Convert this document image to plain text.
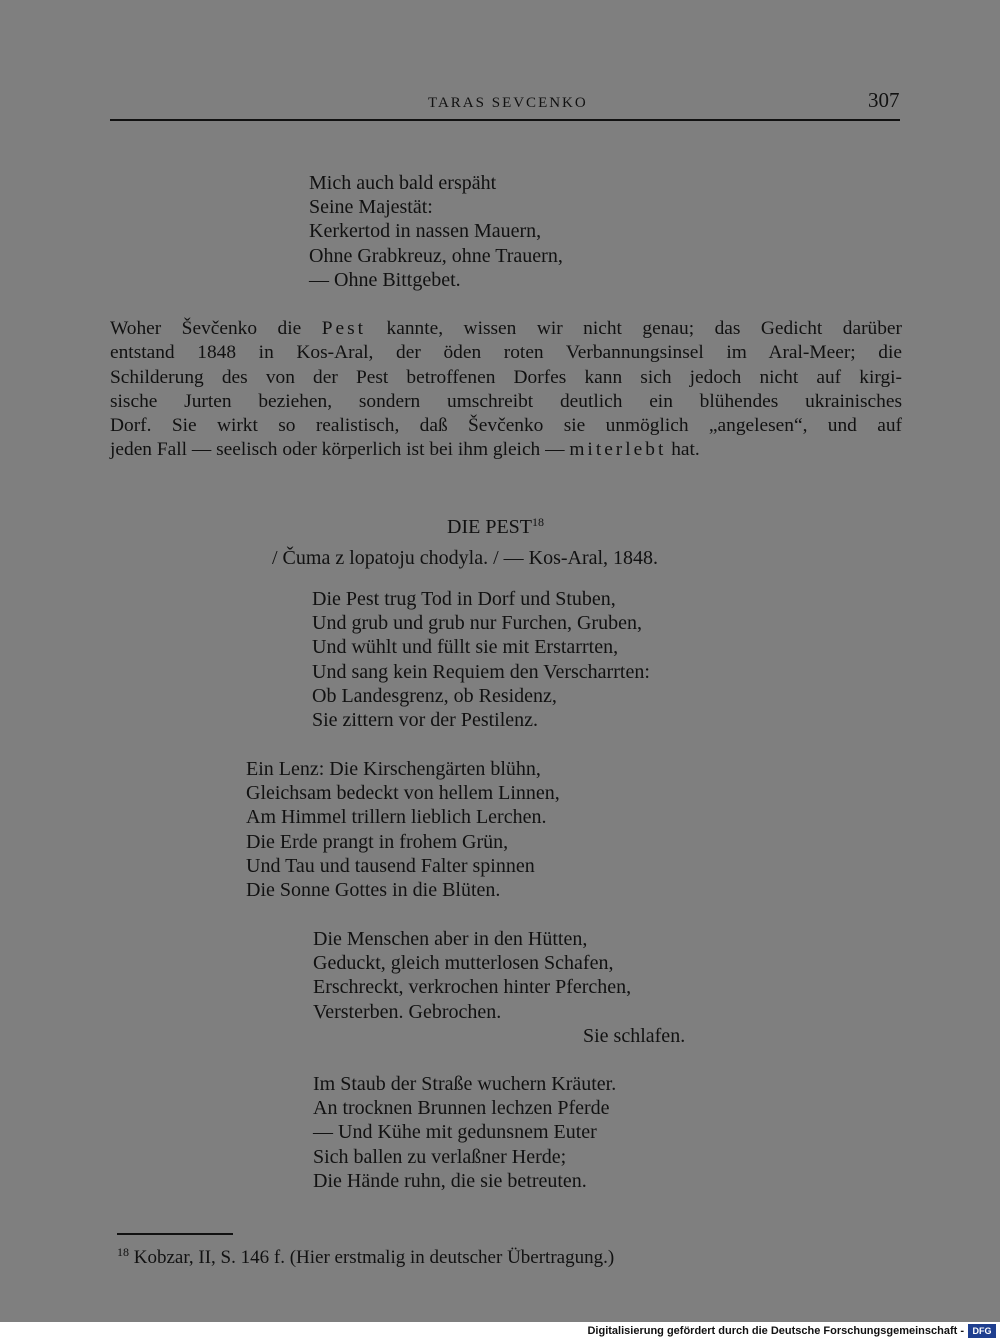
TARAS SEVCENKO	307
Mich auch bald erspäht
Seine Majestät:
Kerkertod in nassen Mauern,
Ohne Grabkreuz, ohne Trauern,
— Ohne Bittgebet.
Woher Ševčenko die Pest kannte, wissen wir nicht genau; das Gedicht darüber
entstand 1848 in Kos-Aral, der öden roten Verbannungsinsel im Aral-Meer; die
Schilderung des von der Pest betroffenen Dorfes kann sich jedoch nicht auf kirgi-
sische Jurten beziehen, sondern umschreibt deutlich ein blühendes ukrainisches
Dorf. Sie wirkt so realistisch, daß Ševčenko sie unmöglich „angelesen“, und auf
jeden Fall — seelisch oder körperlich ist bei ihm gleich — miterlebt hat.
DIE PEST$^{18}$
/ Čuma z lopatoju chodyla. / — Kos-Aral, 1848.
Die Pest trug Tod in Dorf und Stuben,
Und grub und grub nur Furchen, Gruben,
Und wühlt und füllt sie mit Erstarrten,
Und sang kein Requiem den Verscharrten:
Ob Landesgrenz, ob Residenz,
Sie zittern vor der Pestilenz.
Ein Lenz: Die Kirschengärten blühn,
Gleichsam bedeckt von hellem Linnen,
Am Himmel trillern lieblich Lerchen.
Die Erde prangt in frohem Grün,
Und Tau und tausend Falter spinnen
Die Sonne Gottes in die Blüten.
Die Menschen aber in den Hütten,
Geduckt, gleich mutterlosen Schafen,
Erschreckt, verkrochen hinter Pferchen,
Versterben. Gebrochen.
Sie schlafen.
Im Staub der Straße wuchern Kräuter.
An trocknen Brunnen lechzen Pferde
— Und Kühe mit gedunsnem Euter
Sich ballen zu verlaßner Herde;
Die Hände ruhn, die sie betreuten.
$^{18}$ Kobzar, II, S. 146 f. (Hier erstmalig in deutscher Übertragung.)
Digitalisierung gefördert durch die Deutsche Forschungsgemeinschaft - DFG
